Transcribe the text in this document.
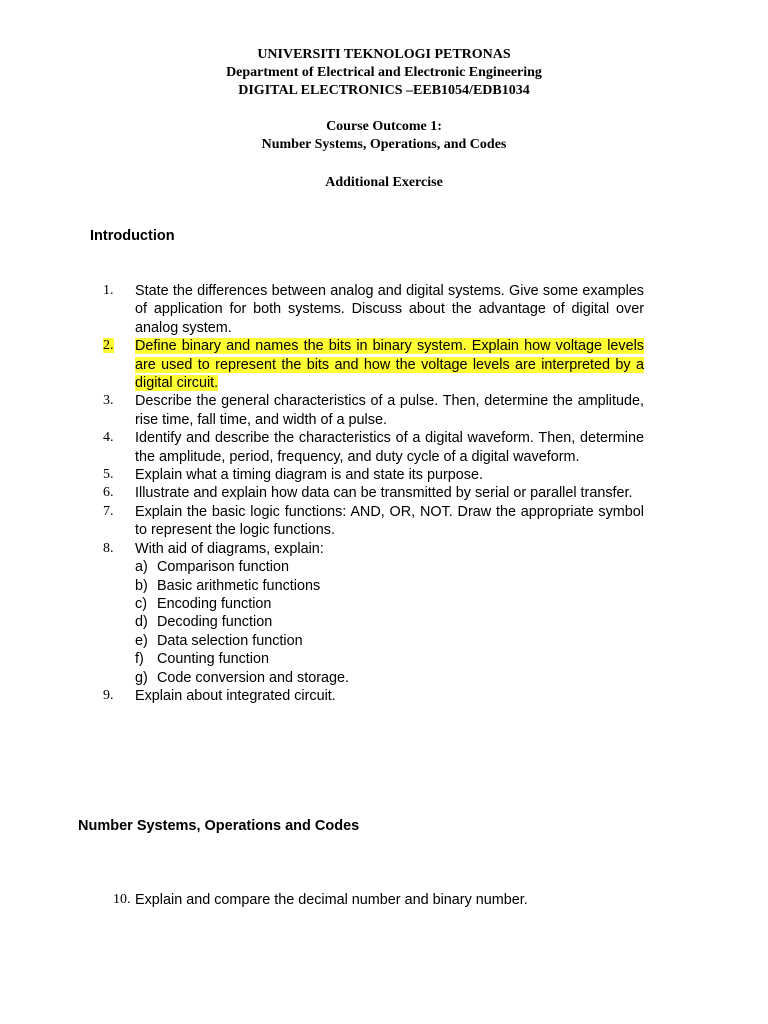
UNIVERSITI TEKNOLOGI PETRONAS
Department of Electrical and Electronic Engineering
DIGITAL ELECTRONICS –EEB1054/EDB1034
Course Outcome 1:
Number Systems, Operations, and Codes
Additional Exercise
Introduction
1.	State the differences between analog and digital systems. Give some examples of application for both systems. Discuss about the advantage of digital over analog system.
2.	Define binary and names the bits in binary system. Explain how voltage levels are used to represent the bits and how the voltage levels are interpreted by a digital circuit.
3.	Describe the general characteristics of a pulse. Then, determine the amplitude, rise time, fall time, and width of a pulse.
4.	Identify and describe the characteristics of a digital waveform. Then, determine the amplitude, period, frequency, and duty cycle of a digital waveform.
5.	Explain what a timing diagram is and state its purpose.
6.	Illustrate and explain how data can be transmitted by serial or parallel transfer.
7.	Explain the basic logic functions: AND, OR, NOT. Draw the appropriate symbol to represent the logic functions.
8.	With aid of diagrams, explain:
a) Comparison function
b) Basic arithmetic functions
c) Encoding function
d) Decoding function
e) Data selection function
f) Counting function
g) Code conversion and storage.
9.	Explain about integrated circuit.
Number Systems, Operations and Codes
10. Explain and compare the decimal number and binary number.
